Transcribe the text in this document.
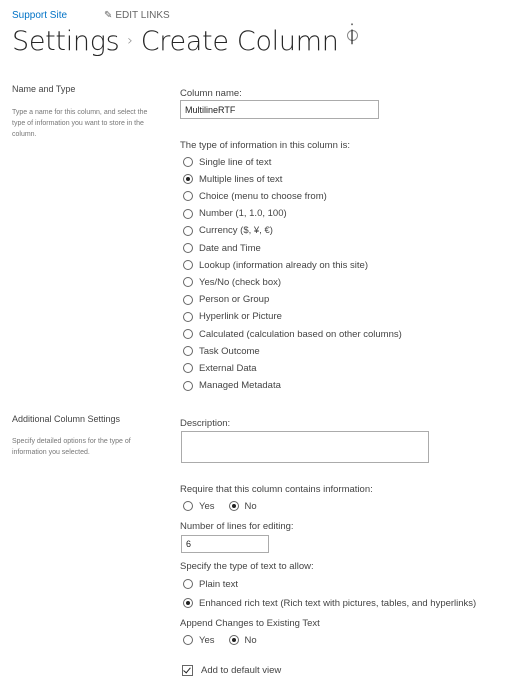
Support Site	✎ EDIT LINKS
Settings › Create Column i
Name and Type
Type a name for this column, and select the type of information you want to store in the column.
Column name:
MultilineRTF
The type of information in this column is:
Single line of text
Multiple lines of text
Choice (menu to choose from)
Number (1, 1.0, 100)
Currency ($, ¥, €)
Date and Time
Lookup (information already on this site)
Yes/No (check box)
Person or Group
Hyperlink or Picture
Calculated (calculation based on other columns)
Task Outcome
External Data
Managed Metadata
Additional Column Settings
Specify detailed options for the type of information you selected.
Description:
Require that this column contains information:
Yes	No
Number of lines for editing:
6
Specify the type of text to allow:
Plain text
Enhanced rich text (Rich text with pictures, tables, and hyperlinks)
Append Changes to Existing Text
Yes	No
Add to default view
